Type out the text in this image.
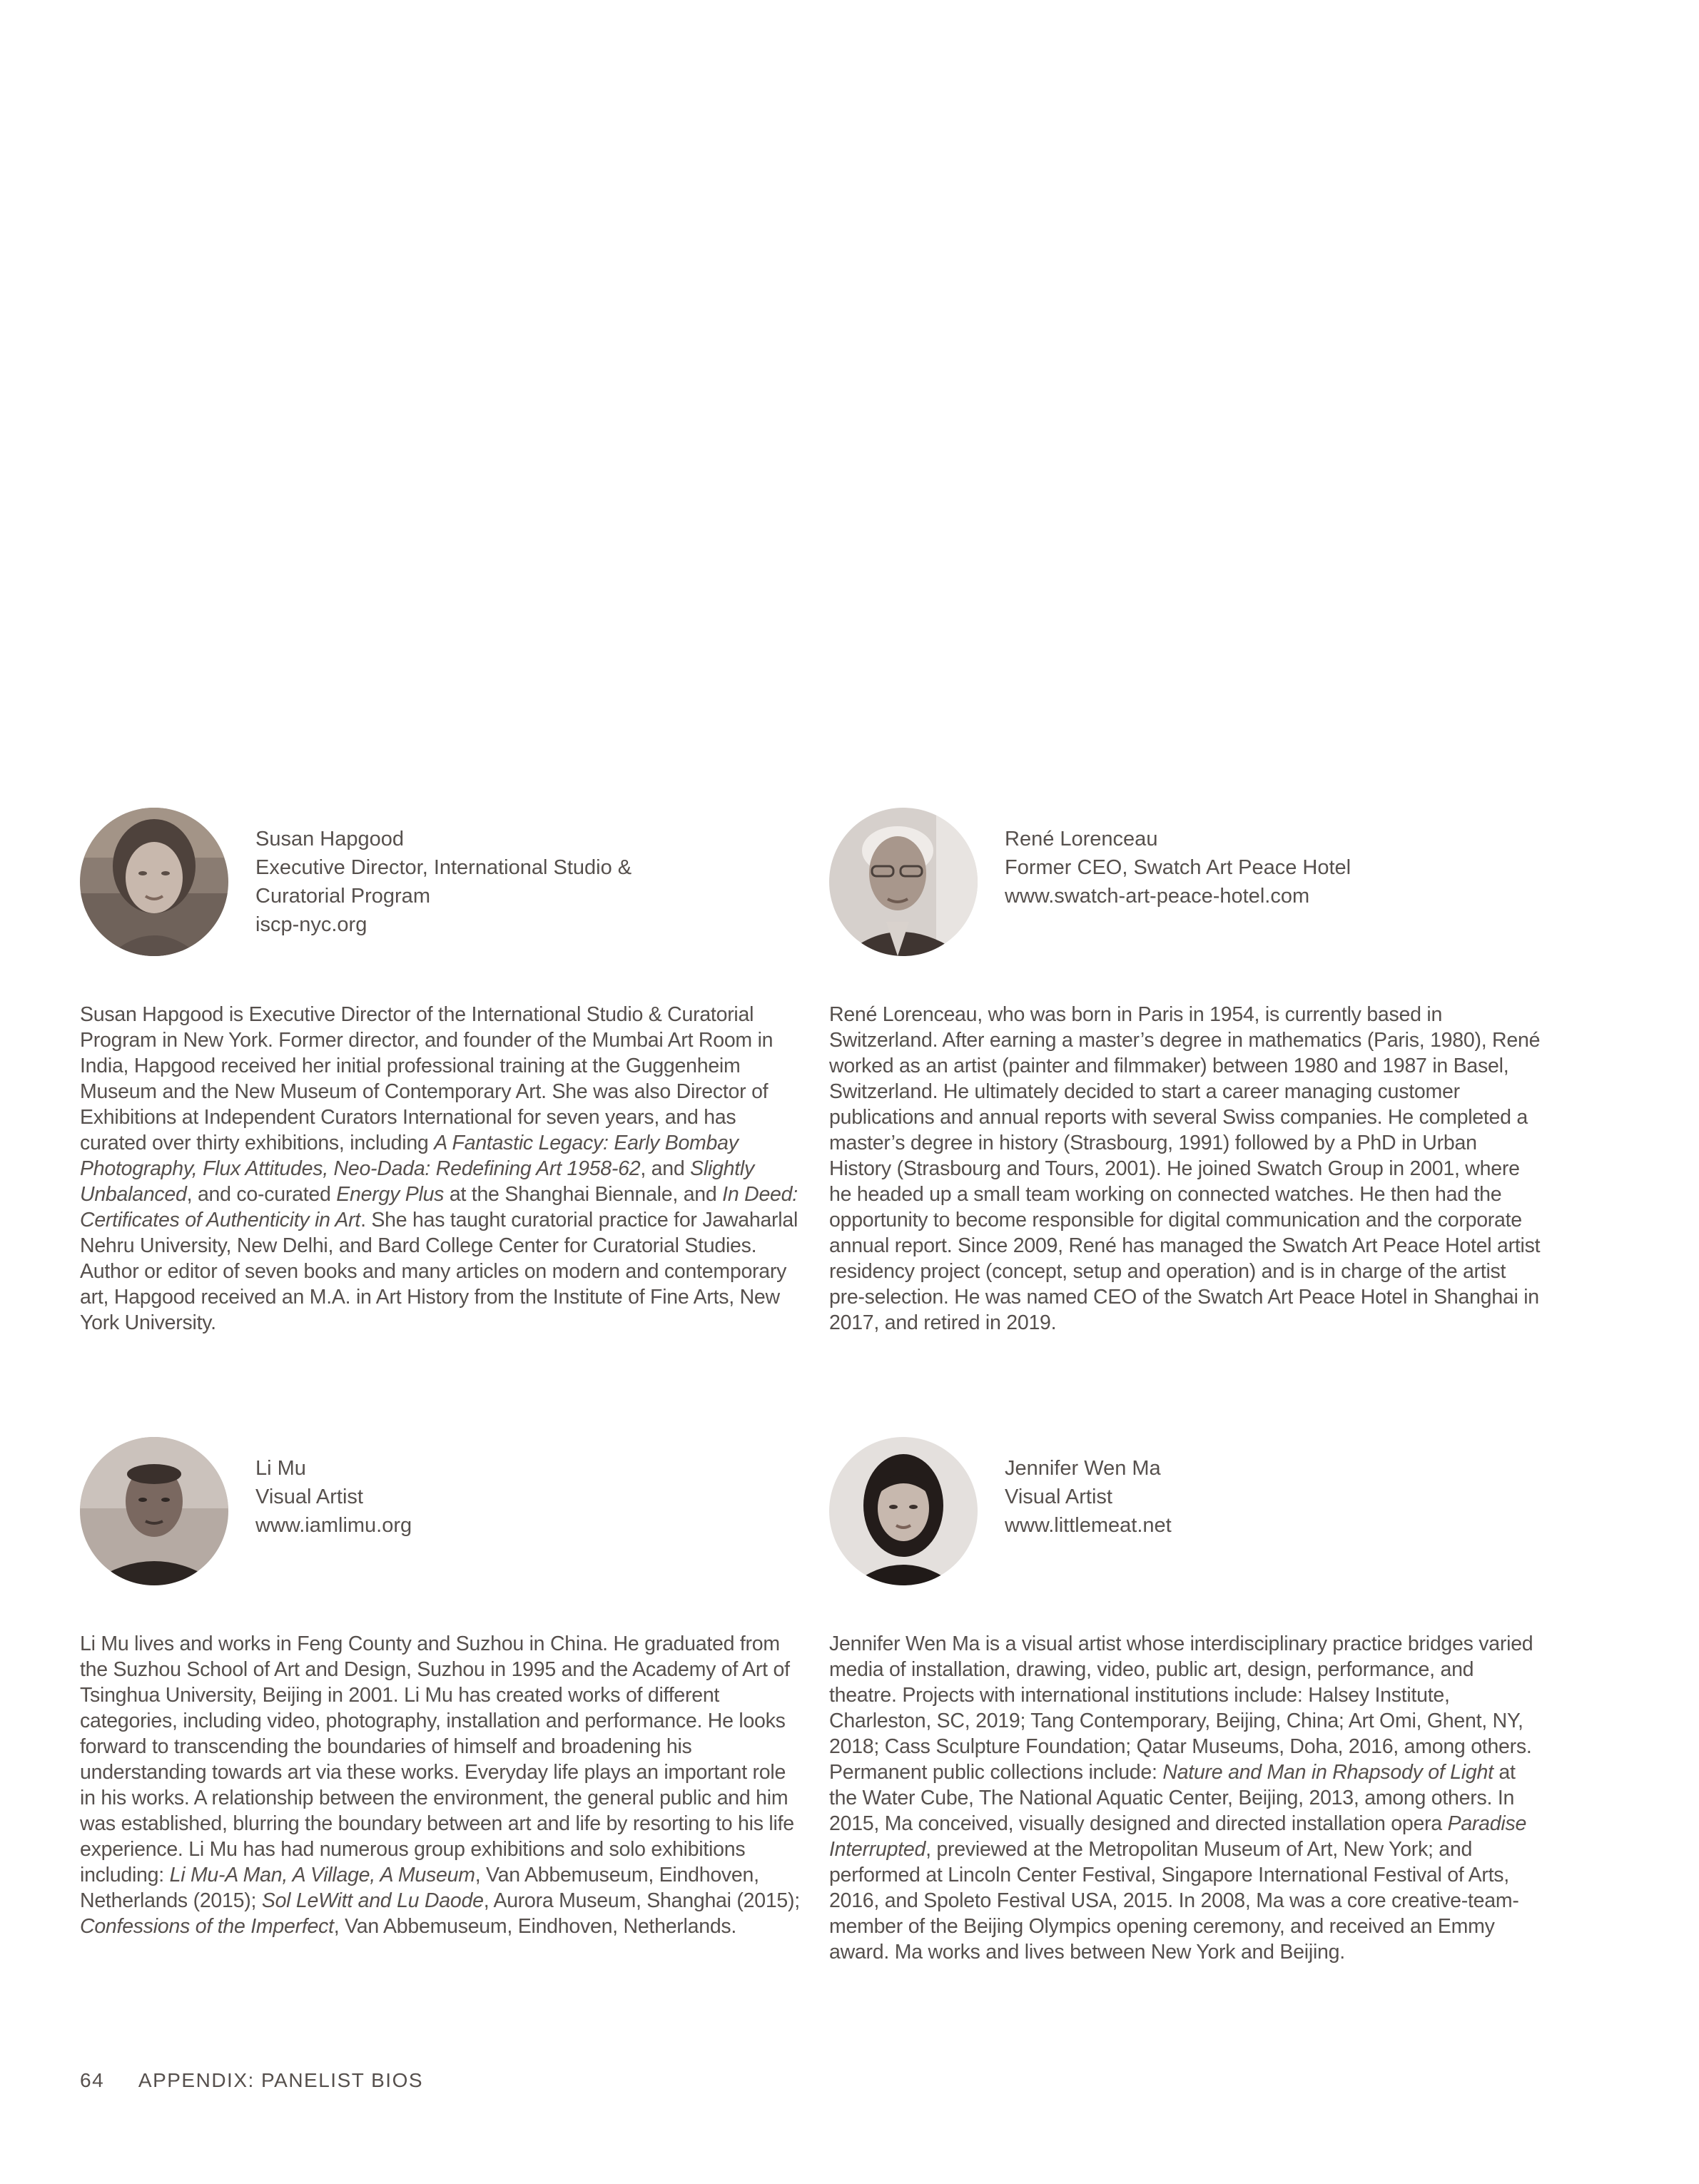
Susan Hapgood
Executive Director, International Studio &
Curatorial Program
iscp-nyc.org

Susan Hapgood is Executive Director of the International Studio & Curatorial Program in New York. Former director, and founder of the Mumbai Art Room in India, Hapgood received her initial professional training at the Guggenheim Museum and the New Museum of Contemporary Art. She was also Director of Exhibitions at Independent Curators International for seven years, and has curated over thirty exhibitions, including A Fantastic Legacy: Early Bombay Photography, Flux Attitudes, Neo-Dada: Redefining Art 1958-62, and Slightly Unbalanced, and co-curated Energy Plus at the Shanghai Biennale, and In Deed: Certificates of Authenticity in Art. She has taught curatorial practice for Jawaharlal Nehru University, New Delhi, and Bard College Center for Curatorial Studies. Author or editor of seven books and many articles on modern and contemporary art, Hapgood received an M.A. in Art History from the Institute of Fine Arts, New York University.

René Lorenceau
Former CEO, Swatch Art Peace Hotel
www.swatch-art-peace-hotel.com

René Lorenceau, who was born in Paris in 1954, is currently based in Switzerland. After earning a master’s degree in mathematics (Paris, 1980), René worked as an artist (painter and filmmaker) between 1980 and 1987 in Basel, Switzerland. He ultimately decided to start a career managing customer publications and annual reports with several Swiss companies. He completed a master’s degree in history (Strasbourg, 1991) followed by a PhD in Urban History (Strasbourg and Tours, 2001). He joined Swatch Group in 2001, where he headed up a small team working on connected watches. He then had the opportunity to become responsible for digital communication and the corporate annual report. Since 2009, René has managed the Swatch Art Peace Hotel artist residency project (concept, setup and operation) and is in charge of the artist pre-selection. He was named CEO of the Swatch Art Peace Hotel in Shanghai in 2017, and retired in 2019.

Li Mu
Visual Artist
www.iamlimu.org

Li Mu lives and works in Feng County and Suzhou in China. He graduated from the Suzhou School of Art and Design, Suzhou in 1995 and the Academy of Art of Tsinghua University, Beijing in 2001. Li Mu has created works of different categories, including video, photography, installation and performance. He looks forward to transcending the boundaries of himself and broadening his understanding towards art via these works. Everyday life plays an important role in his works. A relationship between the environment, the general public and him was established, blurring the boundary between art and life by resorting to his life experience. Li Mu has had numerous group exhibitions and solo exhibitions including: Li Mu-A Man, A Village, A Museum, Van Abbemuseum, Eindhoven, Netherlands (2015); Sol LeWitt and Lu Daode, Aurora Museum, Shanghai (2015); Confessions of the Imperfect, Van Abbemuseum, Eindhoven, Netherlands.

Jennifer Wen Ma
Visual Artist
www.littlemeat.net

Jennifer Wen Ma is a visual artist whose interdisciplinary practice bridges varied media of installation, drawing, video, public art, design, performance, and theatre. Projects with international institutions include: Halsey Institute, Charleston, SC, 2019; Tang Contemporary, Beijing, China; Art Omi, Ghent, NY, 2018; Cass Sculpture Foundation; Qatar Museums, Doha, 2016, among others. Permanent public collections include: Nature and Man in Rhapsody of Light at the Water Cube, The National Aquatic Center, Beijing, 2013, among others. In 2015, Ma conceived, visually designed and directed installation opera Paradise Interrupted, previewed at the Metropolitan Museum of Art, New York; and performed at Lincoln Center Festival, Singapore International Festival of Arts, 2016, and Spoleto Festival USA, 2015. In 2008, Ma was a core creative-team-member of the Beijing Olympics opening ceremony, and received an Emmy award. Ma works and lives between New York and Beijing.

64 APPENDIX: PANELIST BIOS
